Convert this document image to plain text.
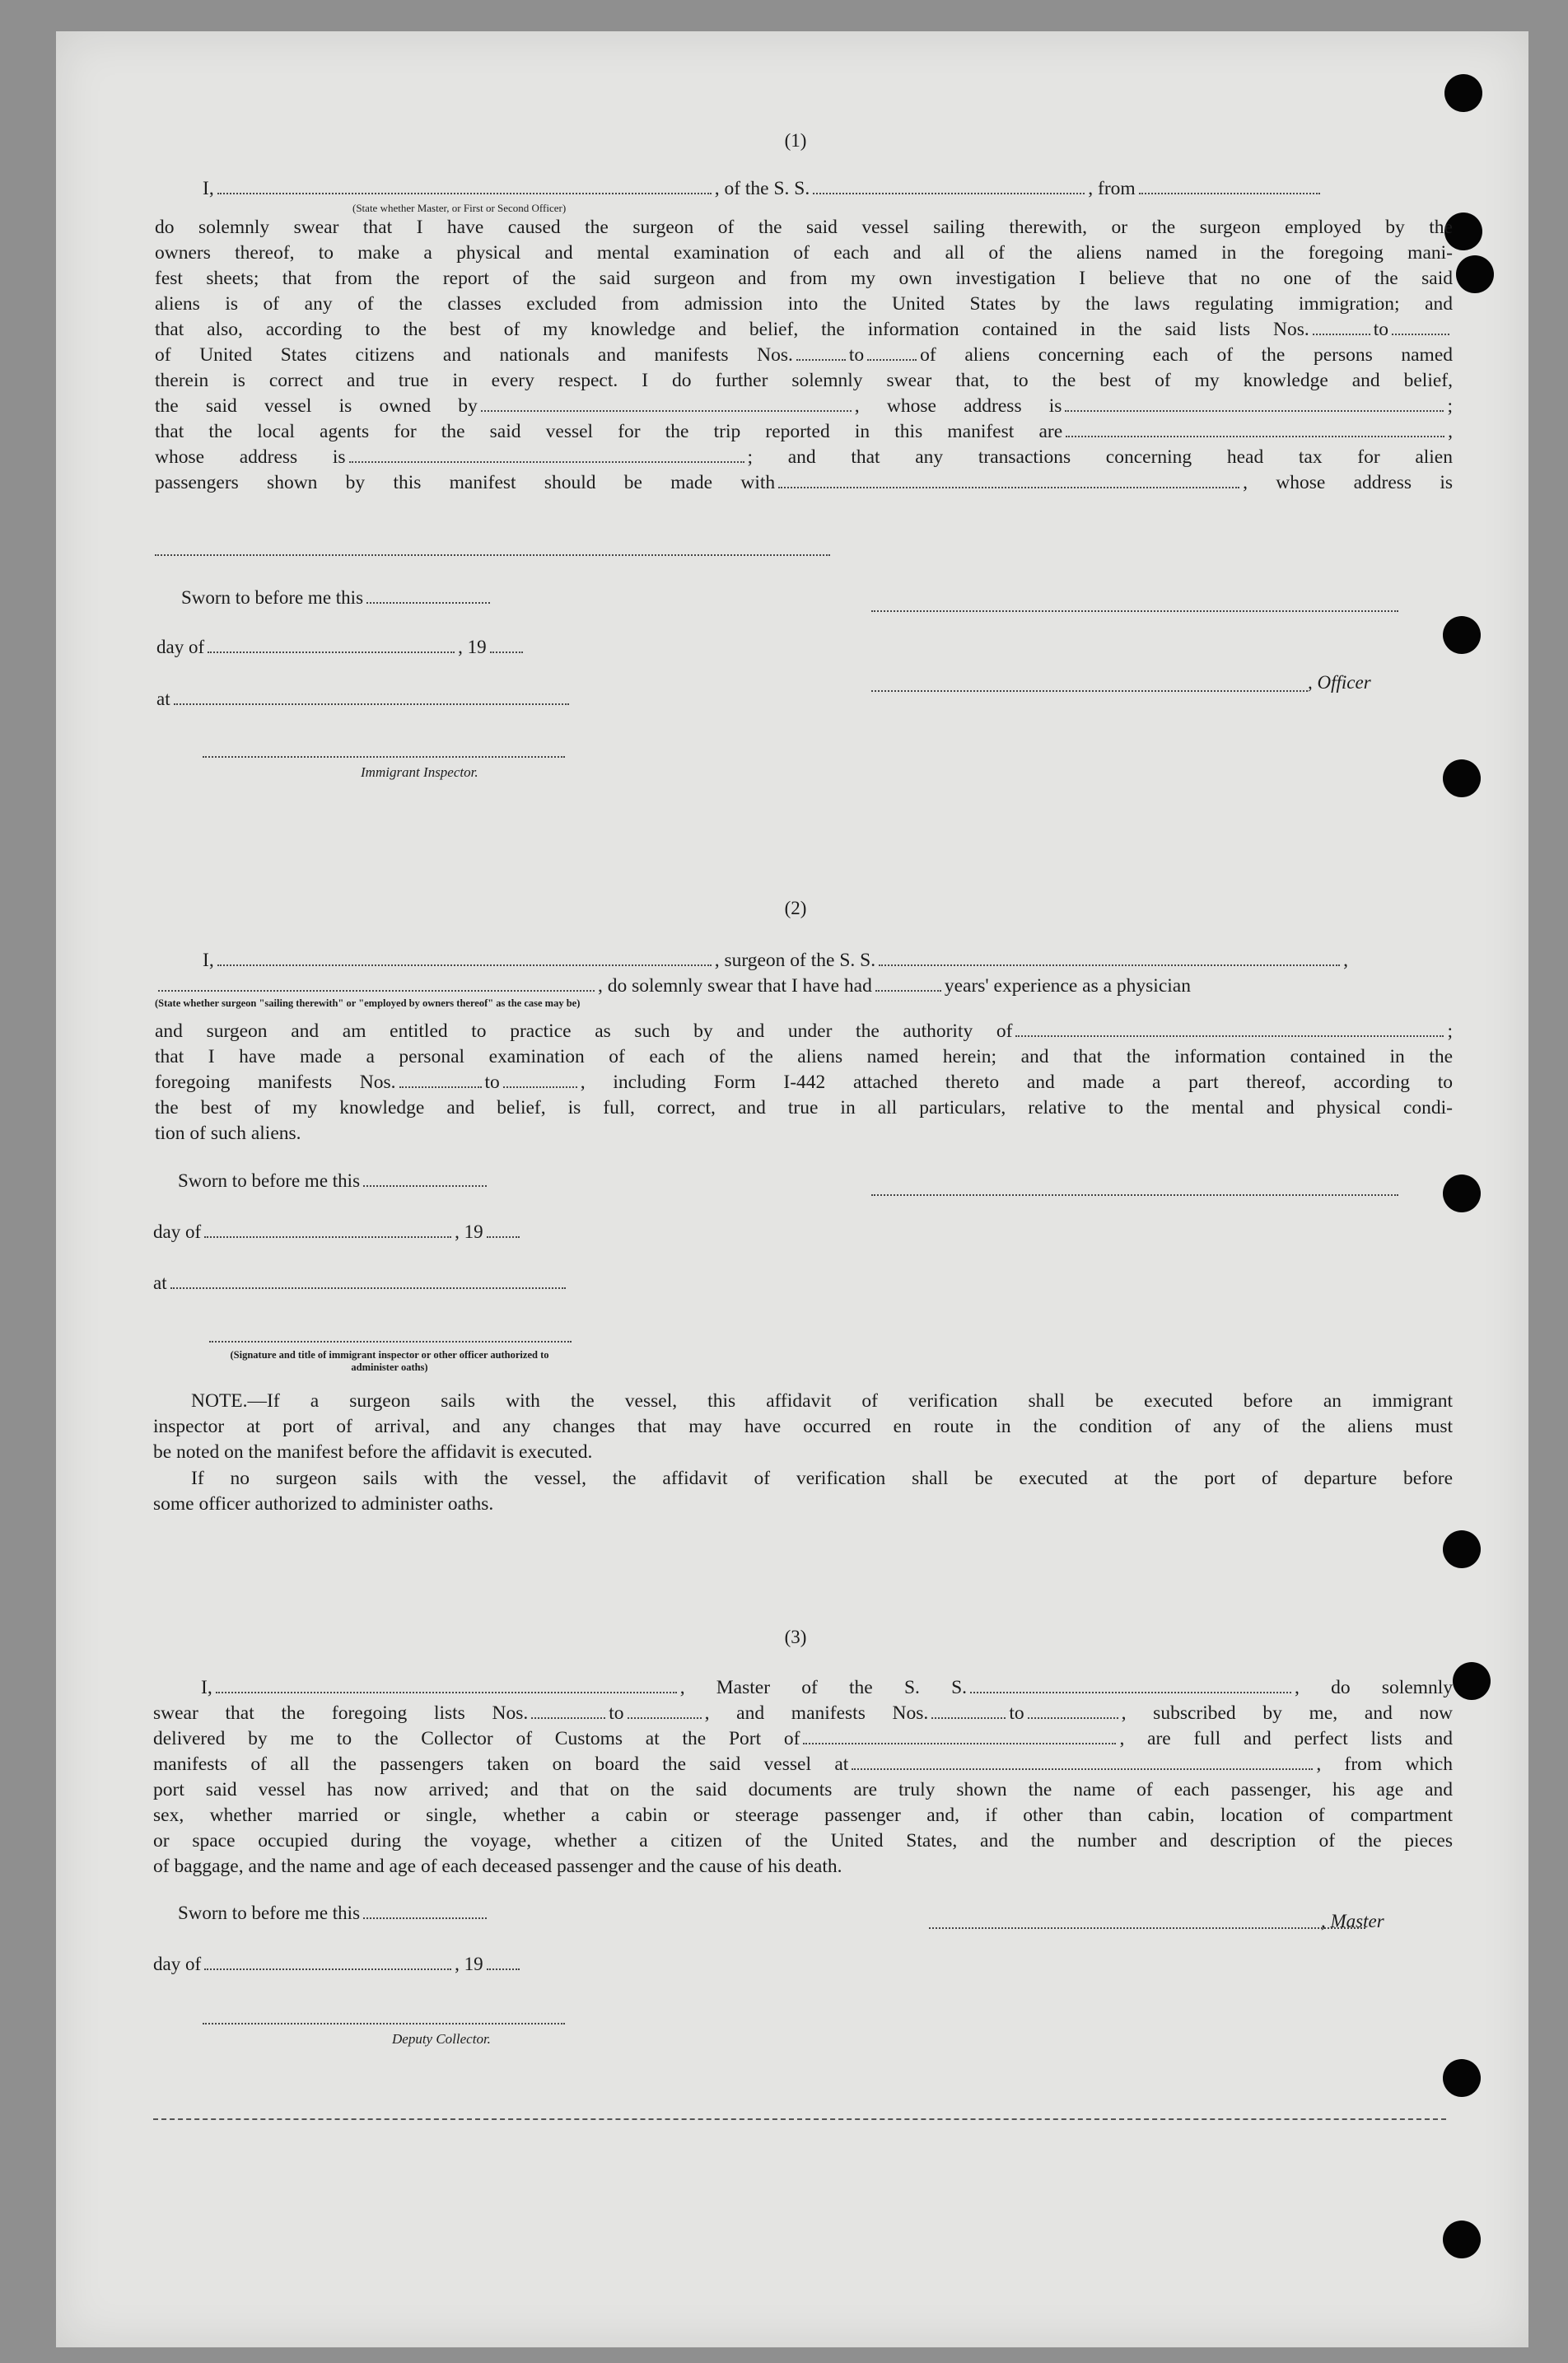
(1)
I,	, of the S. S.	, from
(State whether Master, or First or Second Officer)
do solemnly swear that I have caused the surgeon of the said vessel sailing therewith, or the surgeon employed by the
owners thereof, to make a physical and mental examination of each and all of the aliens named in the foregoing mani-
fest sheets; that from the report of the said surgeon and from my own investigation I believe that no one of the said
aliens is of any of the classes excluded from admission into the United States by the laws regulating immigration; and
that also, according to the best of my knowledge and belief, the information contained in the said lists Nos.	to
of United States citizens and nationals and manifests Nos.	to	of aliens concerning each of the persons named
therein is correct and true in every respect. I do further solemnly swear that, to the best of my knowledge and belief,
the said vessel is owned by	, whose address is	;
that the local agents for the said vessel for the trip reported in this manifest are	,
whose address is	; and that any transactions concerning head tax for alien
passengers shown by this manifest should be made with	, whose address is
Sworn to before me this
day of	, 19
at
, Officer
Immigrant Inspector.
(2)
I,	, surgeon of the S. S.	,
, do solemnly swear that I have had	years' experience as a physician
(State whether surgeon "sailing therewith" or "employed by owners thereof" as the case may be)
and surgeon and am entitled to practice as such by and under the authority of	;
that I have made a personal examination of each of the aliens named herein; and that the information contained in the
foregoing manifests Nos.	to	, including Form I-442 attached thereto and made a part thereof, according to
the best of my knowledge and belief, is full, correct, and true in all particulars, relative to the mental and physical condi-
tion of such aliens.
Sworn to before me this
day of	, 19
at
(Signature and title of immigrant inspector or other officer authorized to administer oaths)
NOTE.—If a surgeon sails with the vessel, this affidavit of verification shall be executed before an immigrant
inspector at port of arrival, and any changes that may have occurred en route in the condition of any of the aliens must
be noted on the manifest before the affidavit is executed.
If no surgeon sails with the vessel, the affidavit of verification shall be executed at the port of departure before
some officer authorized to administer oaths.
(3)
I,	, Master of the S. S.	, do solemnly
swear that the foregoing lists Nos.	to	, and manifests Nos.	to	, subscribed by me, and now
delivered by me to the Collector of Customs at the Port of	, are full and perfect lists and
manifests of all the passengers taken on board the said vessel at	, from which
port said vessel has now arrived; and that on the said documents are truly shown the name of each passenger, his age and
sex, whether married or single, whether a cabin or steerage passenger and, if other than cabin, location of compartment
or space occupied during the voyage, whether a citizen of the United States, and the number and description of the pieces
of baggage, and the name and age of each deceased passenger and the cause of his death.
Sworn to before me this	, Master
day of	, 19
Deputy Collector.
